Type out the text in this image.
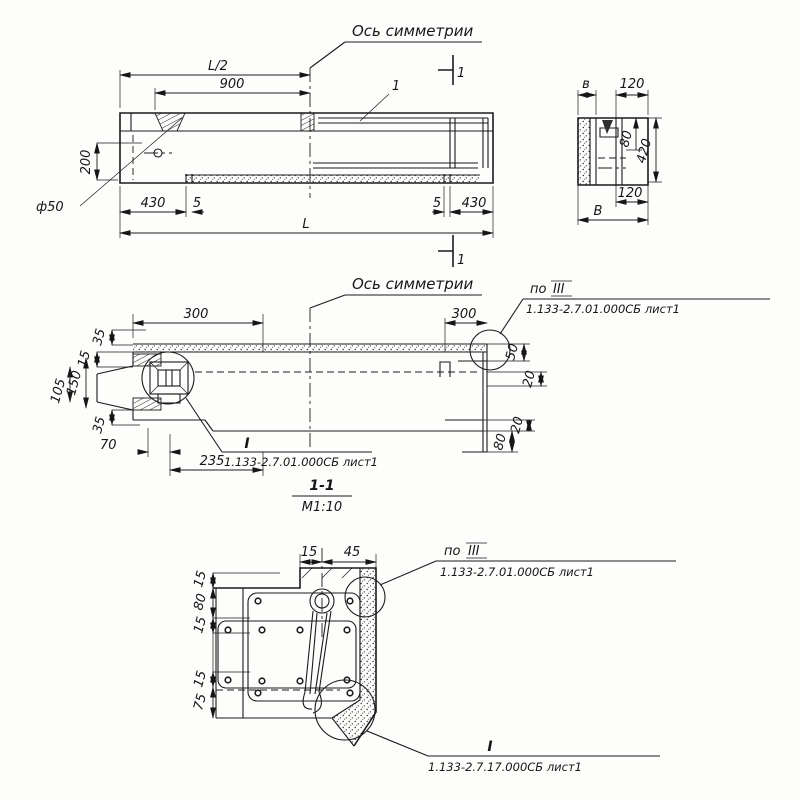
Ось симметрии
L/2
900	1
1
1
200
ф50	430 5	5 430
L
в 120
80
420
120
В
Ось симметрии
I
1.133-2.7.01.000СБ лист1
по III
1.133-2.7.01.000СБ лист1
300	300
35
15
150
105
35
70
235
50
20
20
80
1-1
М1:10
по III
1.133-2.7.01.000СБ лист1
I
1.133-2.7.17.000СБ лист1
15 45
15
80
15
15
75
